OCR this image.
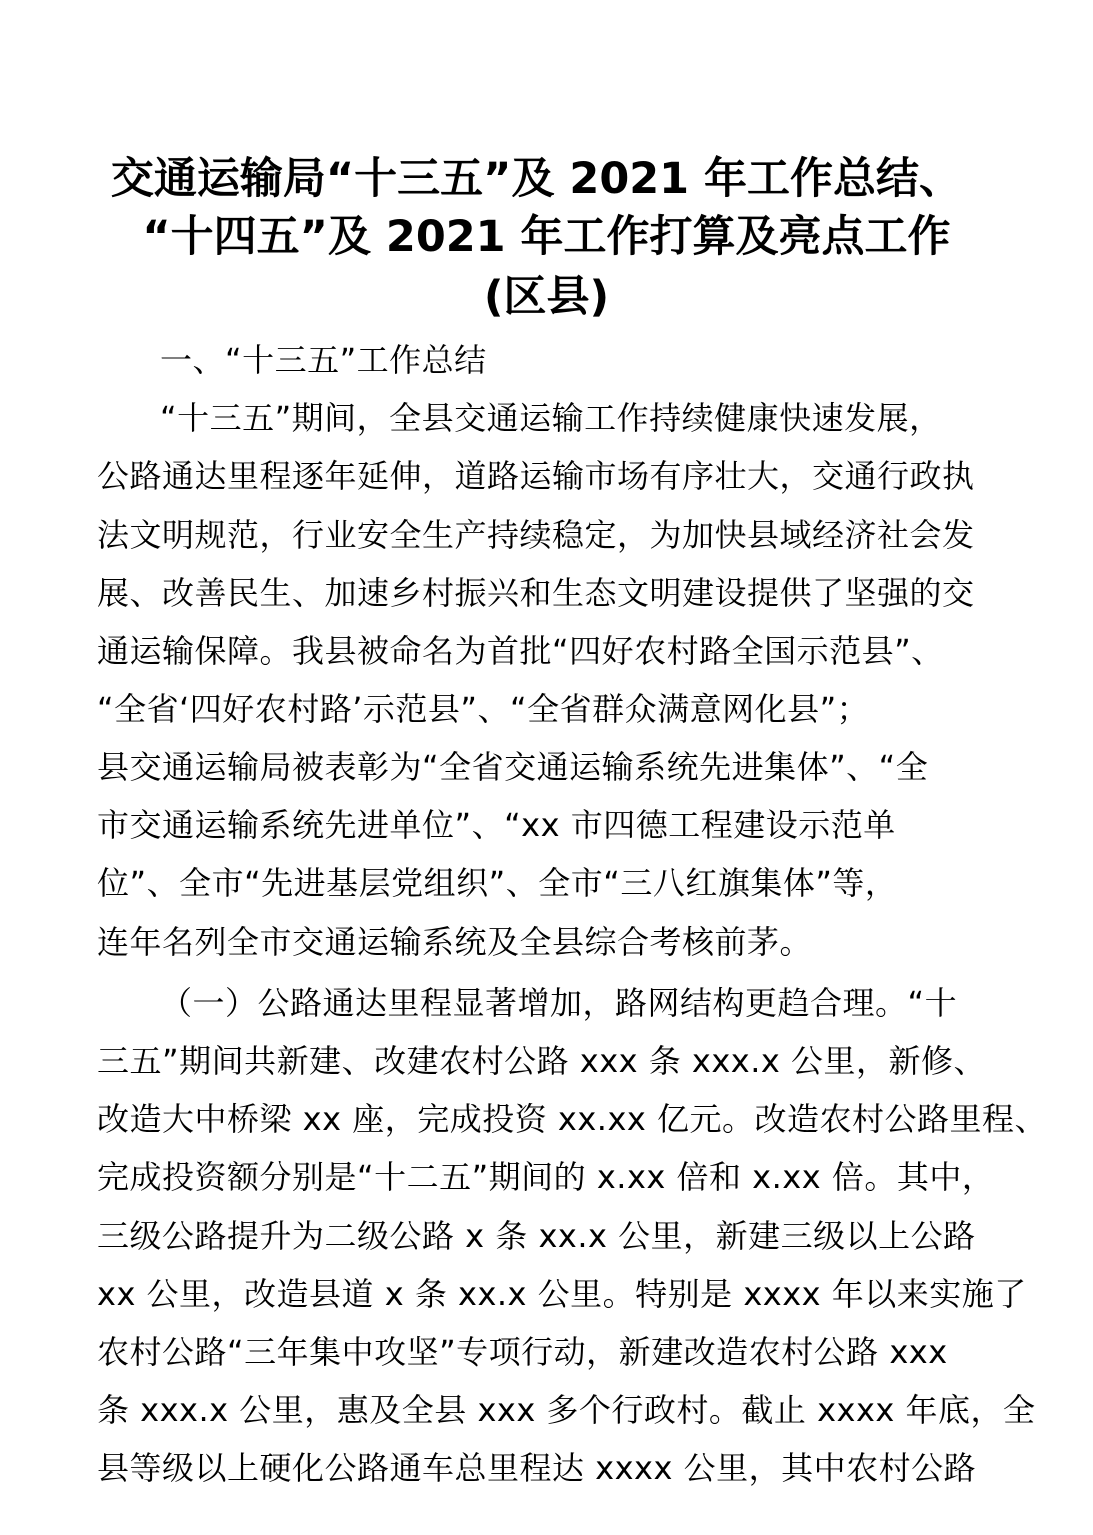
交通运输局“十三五”及 2021 年工作总结、
“十四五”及 2021 年工作打算及亮点工作
(区县)
一、“十三五”工作总结
“十三五”期间，全县交通运输工作持续健康快速发展，
公路通达里程逐年延伸，道路运输市场有序壮大，交通行政执
法文明规范，行业安全生产持续稳定，为加快县域经济社会发
展、改善民生、加速乡村振兴和生态文明建设提供了坚强的交
通运输保障。我县被命名为首批“四好农村路全国示范县”、
“全省‘四好农村路’示范县”、“全省群众满意网化县”；
县交通运输局被表彰为“全省交通运输系统先进集体”、“全
市交通运输系统先进单位”、“xx 市四德工程建设示范单
位”、全市“先进基层党组织”、全市“三八红旗集体”等，
连年名列全市交通运输系统及全县综合考核前茅。
（一）公路通达里程显著增加，路网结构更趋合理。“十
三五”期间共新建、改建农村公路 xxx 条 xxx.x 公里，新修、
改造大中桥梁 xx 座，完成投资 xx.xx 亿元。改造农村公路里程、
完成投资额分别是“十二五”期间的 x.xx 倍和 x.xx 倍。其中，
三级公路提升为二级公路 x 条 xx.x 公里，新建三级以上公路
xx 公里，改造县道 x 条 xx.x 公里。特别是 xxxx 年以来实施了
农村公路“三年集中攻坚”专项行动，新建改造农村公路 xxx
条 xxx.x 公里，惠及全县 xxx 多个行政村。截止 xxxx 年底，全
县等级以上硬化公路通车总里程达 xxxx 公里，其中农村公路
